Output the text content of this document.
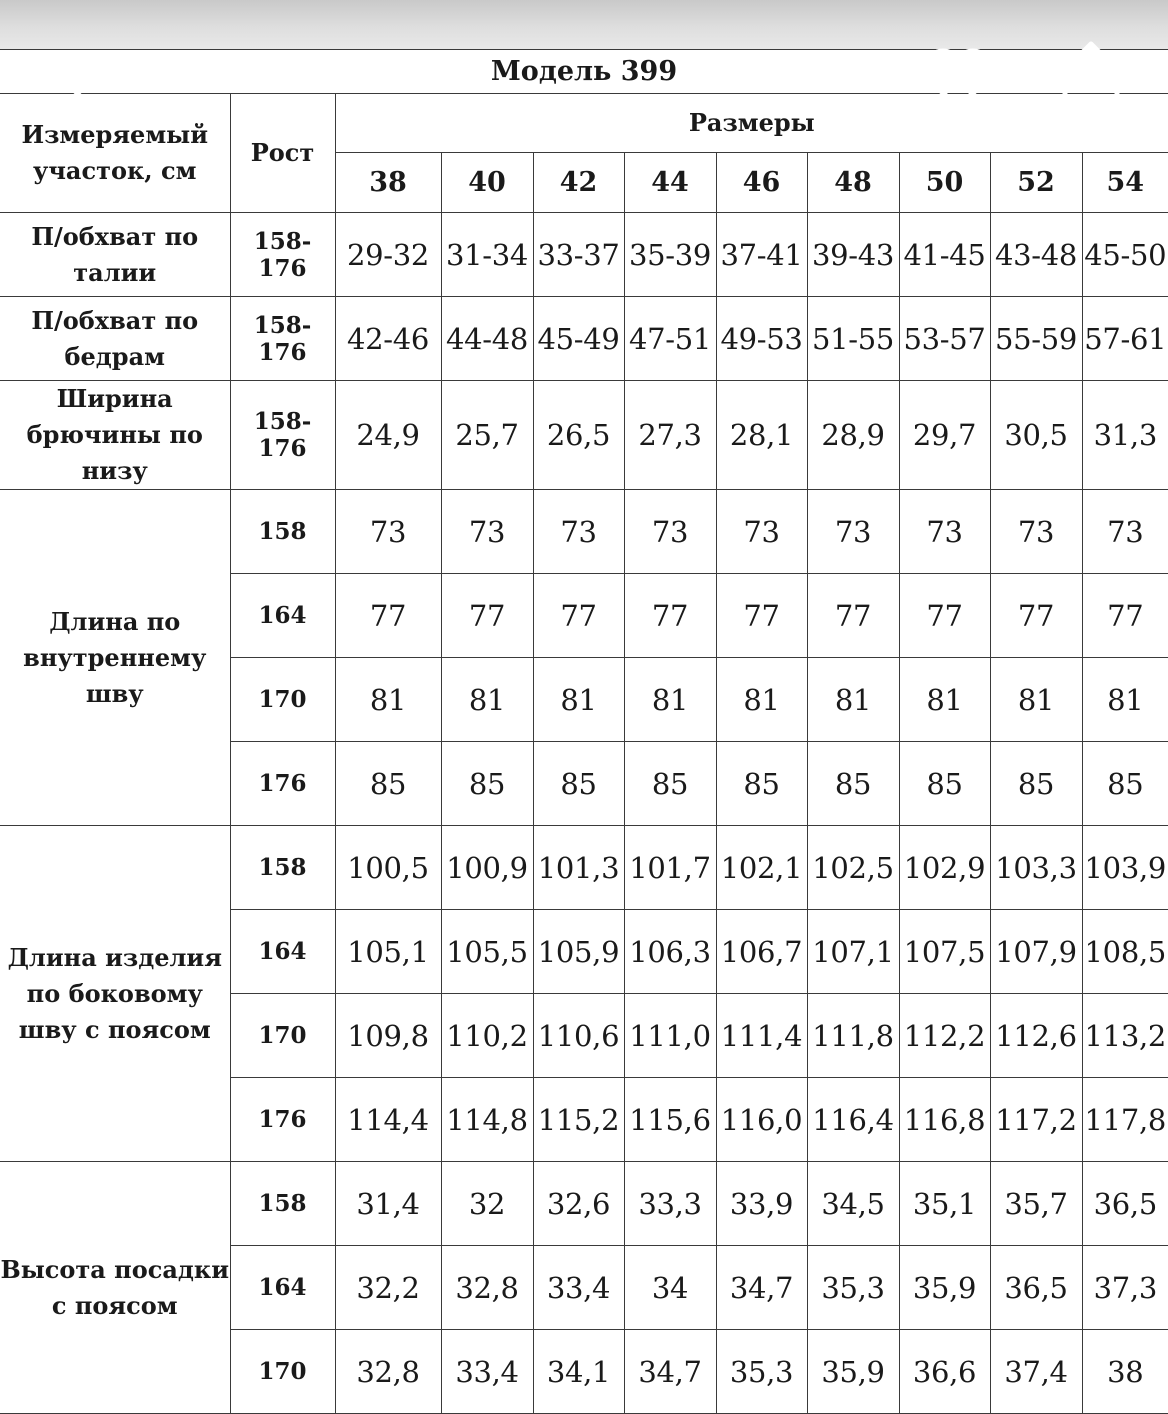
Модель 399										
Измеряемый участок, см	Рост	Размеры								
		38	40	42	44	46	48	50	52	54
П/обхват по талии	158-176	29-32	31-34	33-37	35-39	37-41	39-43	41-45	43-48	45-50
П/обхват по бедрам	158-176	42-46	44-48	45-49	47-51	49-53	51-55	53-57	55-59	57-61
Ширина брючины по низу	158-176	24,9	25,7	26,5	27,3	28,1	28,9	29,7	30,5	31,3
Длина по внутреннему шву	158	73	73	73	73	73	73	73	73	73
	164	77	77	77	77	77	77	77	77	77
	170	81	81	81	81	81	81	81	81	81
	176	85	85	85	85	85	85	85	85	85
Длина изделия по боковому шву с поясом	158	100,5	100,9	101,3	101,7	102,1	102,5	102,9	103,3	103,9
	164	105,1	105,5	105,9	106,3	106,7	107,1	107,5	107,9	108,5
	170	109,8	110,2	110,6	111,0	111,4	111,8	112,2	112,6	113,2
	176	114,4	114,8	115,2	115,6	116,0	116,4	116,8	117,2	117,8
Высота посадки с поясом	158	31,4	32	32,6	33,3	33,9	34,5	35,1	35,7	36,5
	164	32,2	32,8	33,4	34	34,7	35,3	35,9	36,5	37,3
	170	32,8	33,4	34,1	34,7	35,3	35,9	36,6	37,4	38
